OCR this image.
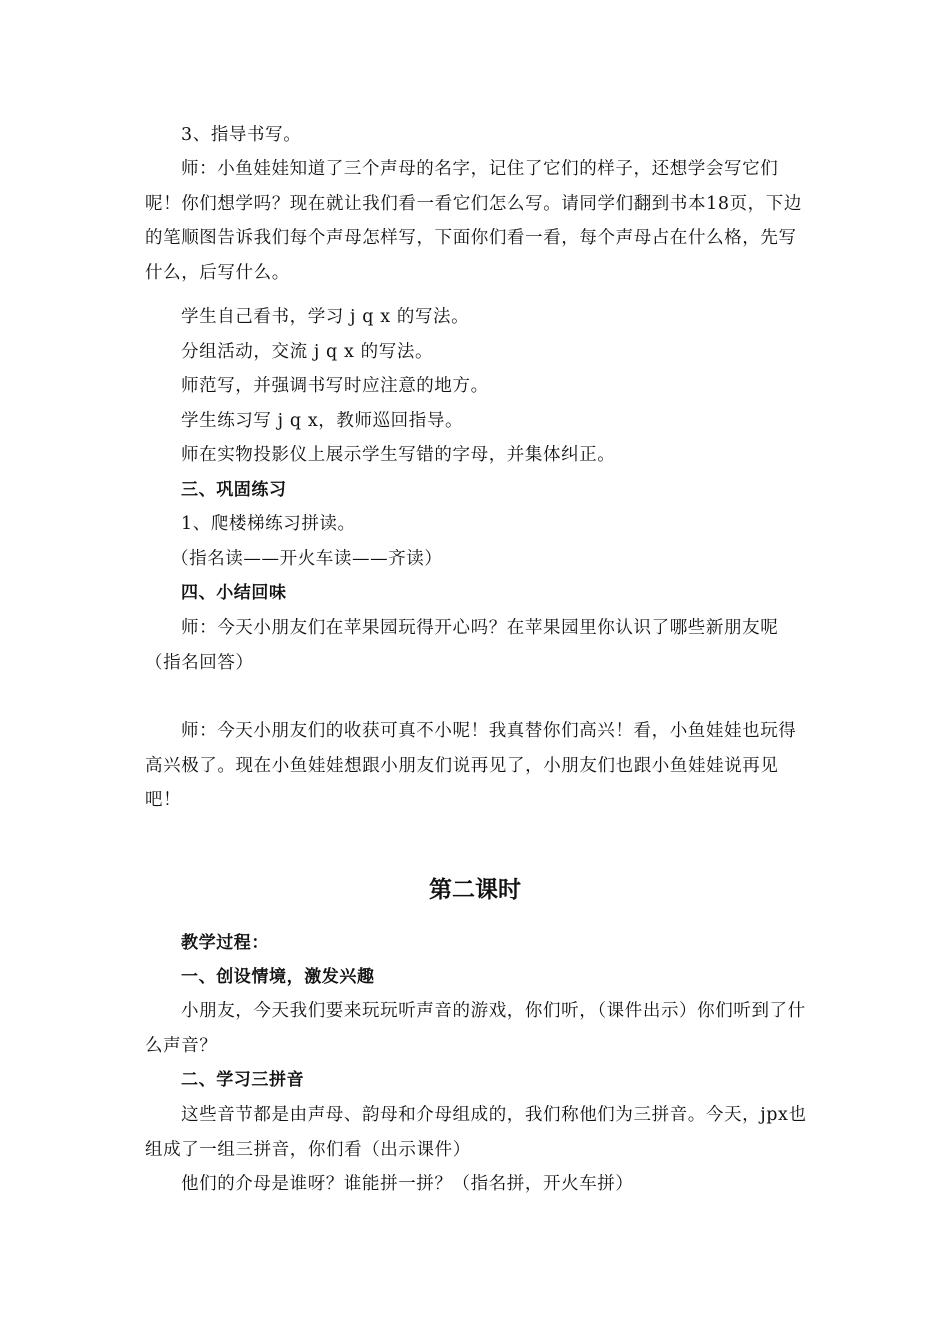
3、指导书写。

师：小鱼娃娃知道了三个声母的名字，记住了它们的样子，还想学会写它们呢！你们想学吗？现在就让我们看一看它们怎么写。请同学们翻到书本18页，下边的笔顺图告诉我们每个声母怎样写，下面你们看一看，每个声母占在什么格，先写什么，后写什么。

学生自己看书，学习 j q x 的写法。

分组活动，交流 j q x 的写法。

师范写，并强调书写时应注意的地方。

学生练习写 j q x，教师巡回指导。

师在实物投影仪上展示学生写错的字母，并集体纠正。

三、巩固练习

1、爬楼梯练习拼读。

（指名读——开火车读——齐读）

四、小结回味

师：今天小朋友们在苹果园玩得开心吗？在苹果园里你认识了哪些新朋友呢（指名回答）

师：今天小朋友们的收获可真不小呢！我真替你们高兴！看，小鱼娃娃也玩得高兴极了。现在小鱼娃娃想跟小朋友们说再见了，小朋友们也跟小鱼娃娃说再见吧！

第二课时

教学过程：

一、创设情境，激发兴趣

小朋友，今天我们要来玩玩听声音的游戏，你们听，（课件出示）你们听到了什么声音？

二、学习三拼音

这些音节都是由声母、韵母和介母组成的，我们称他们为三拼音。今天，jpx也组成了一组三拼音，你们看（出示课件）

他们的介母是谁呀？谁能拼一拼？（指名拼，开火车拼）
